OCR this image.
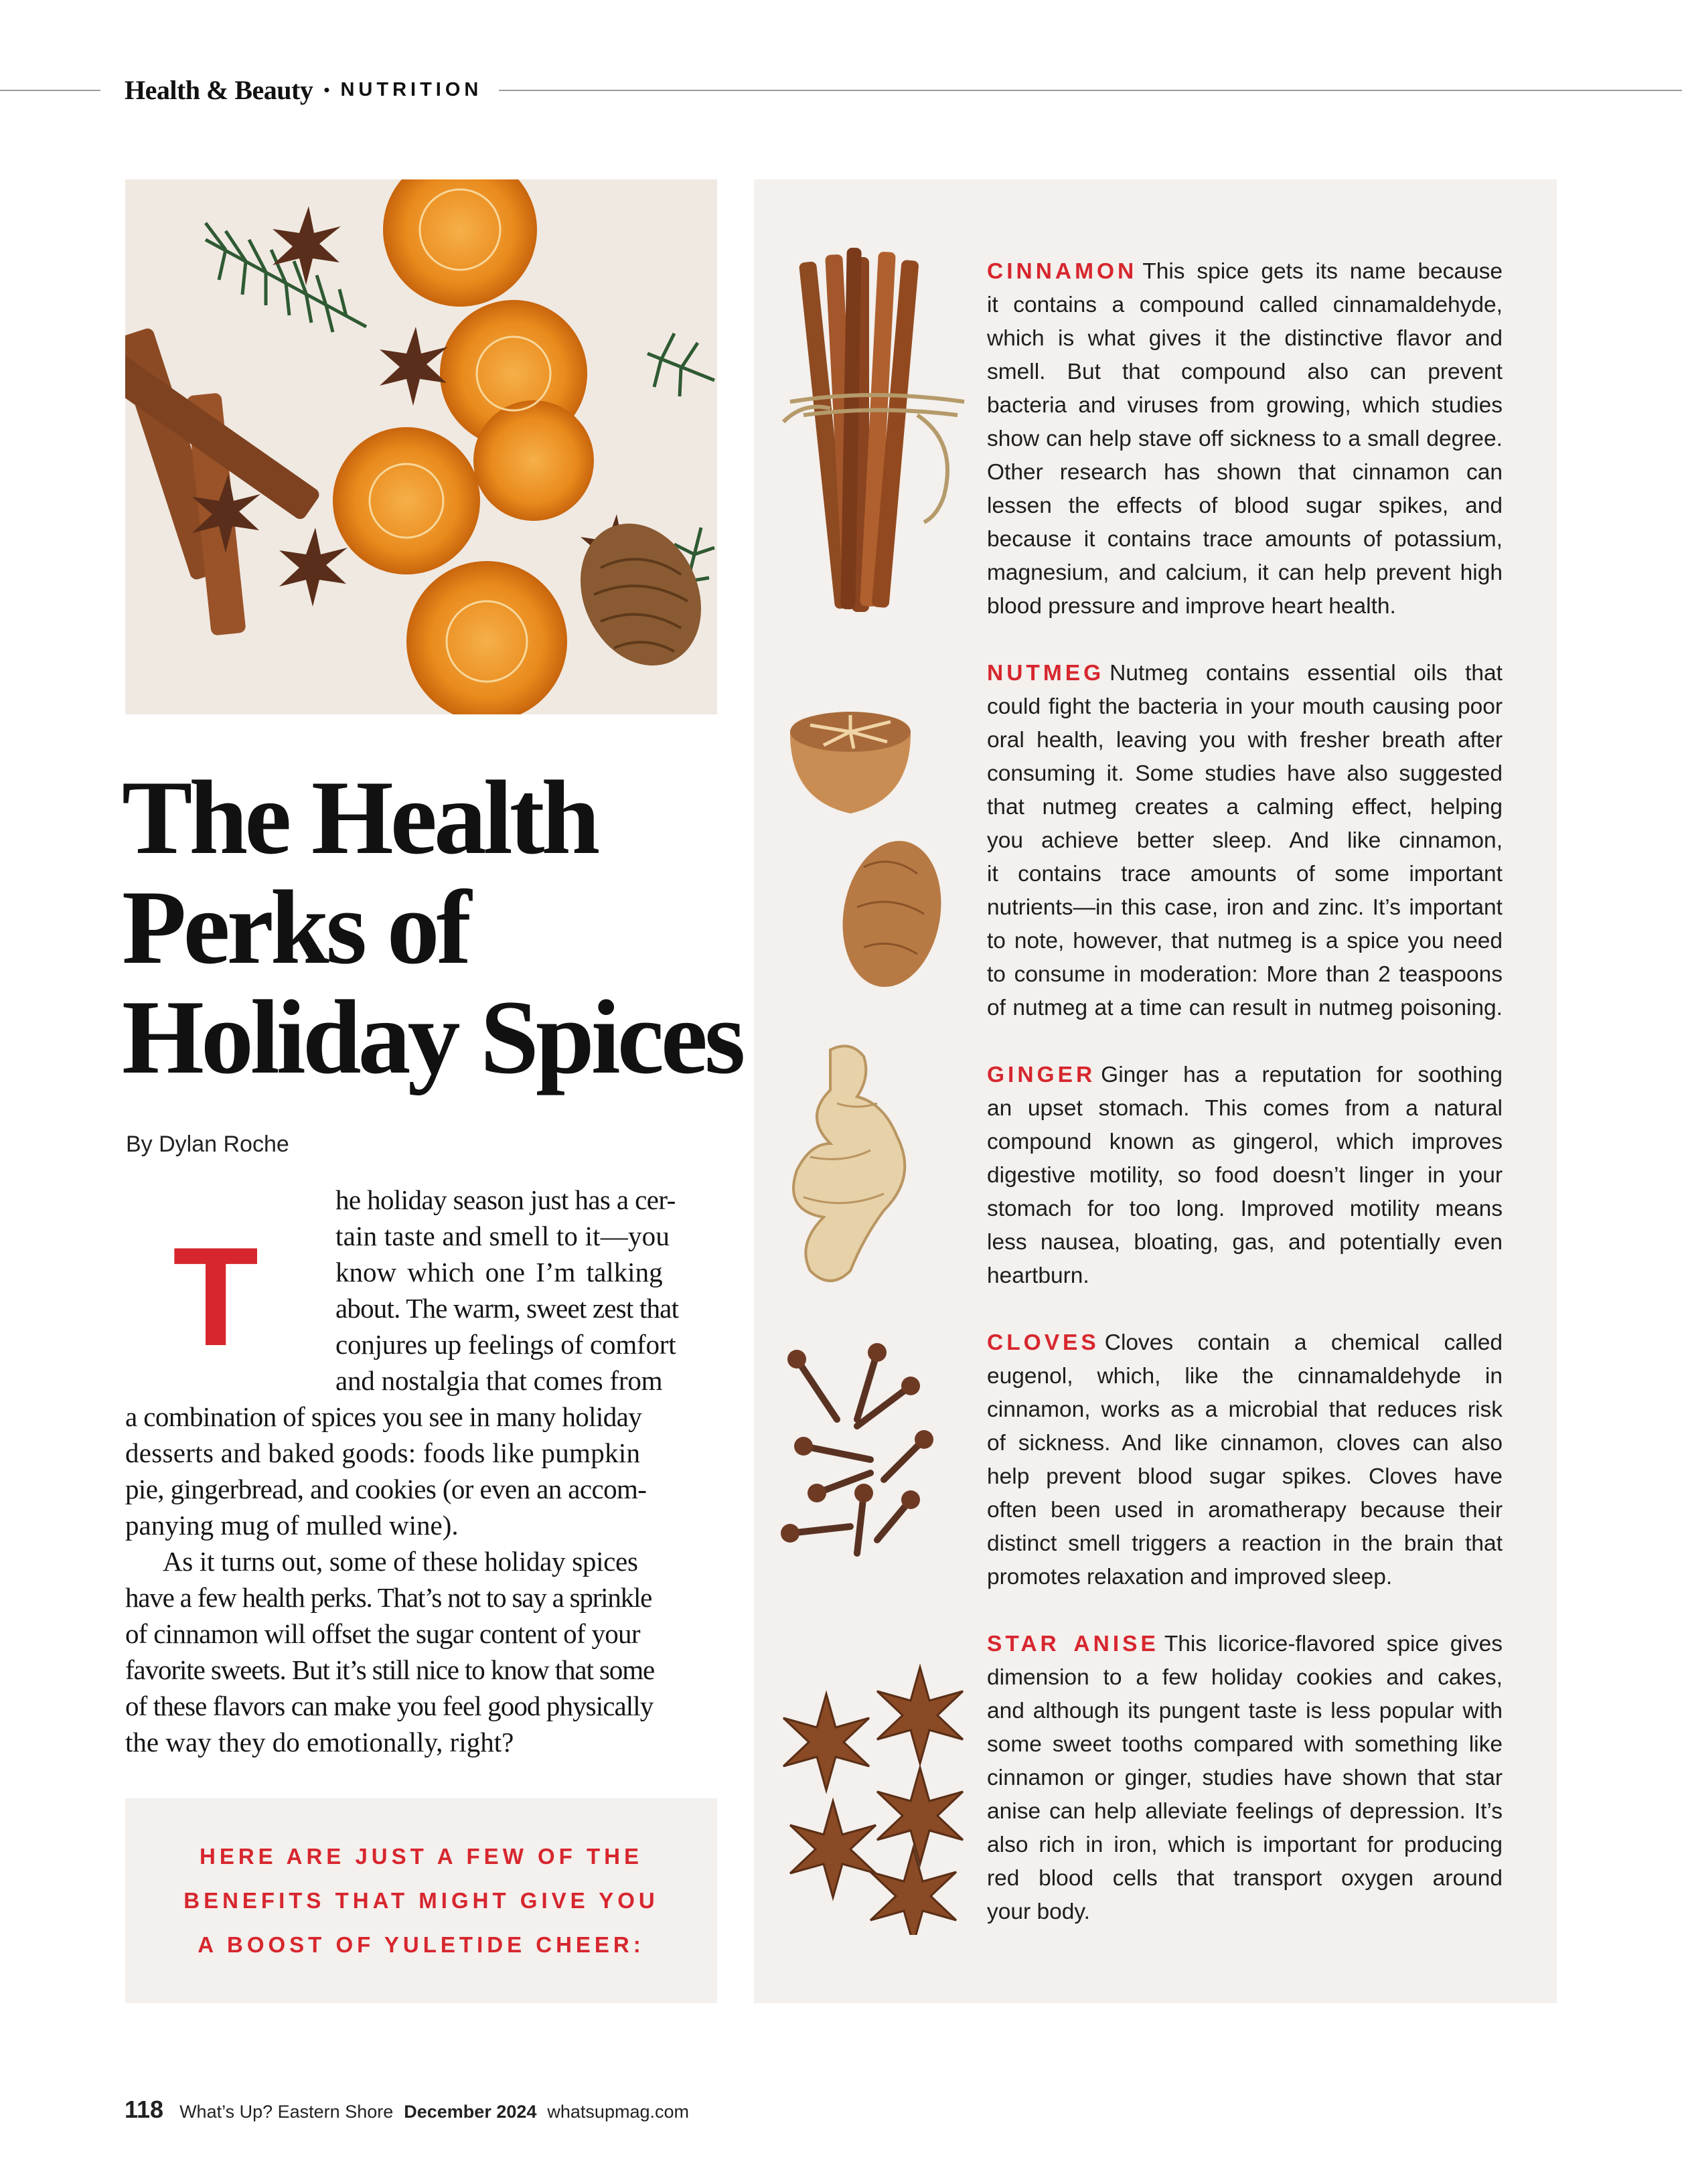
Health & Beauty • NUTRITION
The Health
Perks of
Holiday Spices
By Dylan Roche
T
he holiday season just has a cer-
tain taste and smell to it—you
know which one I’m talking
about. The warm, sweet zest that
conjures up feelings of comfort
and nostalgia that comes from
a combination of spices you see in many holiday
desserts and baked goods: foods like pumpkin
pie, gingerbread, and cookies (or even an accom-
panying mug of mulled wine).
As it turns out, some of these holiday spices
have a few health perks. That’s not to say a sprinkle
of cinnamon will offset the sugar content of your
favorite sweets. But it’s still nice to know that some
of these flavors can make you feel good physically
the way they do emotionally, right?
HERE ARE JUST A FEW OF THE
BENEFITS THAT MIGHT GIVE YOU
A BOOST OF YULETIDE CHEER:
CINNAMON This spice gets its name because
it contains a compound called cinnamaldehyde,
which is what gives it the distinctive flavor and
smell. But that compound also can prevent
bacteria and viruses from growing, which studies
show can help stave off sickness to a small degree.
Other research has shown that cinnamon can
lessen the effects of blood sugar spikes, and
because it contains trace amounts of potassium,
magnesium, and calcium, it can help prevent high
blood pressure and improve heart health.
NUTMEG Nutmeg contains essential oils that
could fight the bacteria in your mouth causing poor
oral health, leaving you with fresher breath after
consuming it. Some studies have also suggested
that nutmeg creates a calming effect, helping
you achieve better sleep. And like cinnamon,
it contains trace amounts of some important
nutrients—in this case, iron and zinc. It’s important
to note, however, that nutmeg is a spice you need
to consume in moderation: More than 2 teaspoons
of nutmeg at a time can result in nutmeg poisoning.
GINGER Ginger has a reputation for soothing
an upset stomach. This comes from a natural
compound known as gingerol, which improves
digestive motility, so food doesn’t linger in your
stomach for too long. Improved motility means
less nausea, bloating, gas, and potentially even
heartburn.
CLOVES Cloves contain a chemical called
eugenol, which, like the cinnamaldehyde in
cinnamon, works as a microbial that reduces risk
of sickness. And like cinnamon, cloves can also
help prevent blood sugar spikes. Cloves have
often been used in aromatherapy because their
distinct smell triggers a reaction in the brain that
promotes relaxation and improved sleep.
STAR ANISE This licorice-flavored spice gives
dimension to a few holiday cookies and cakes,
and although its pungent taste is less popular with
some sweet tooths compared with something like
cinnamon or ginger, studies have shown that star
anise can help alleviate feelings of depression. It’s
also rich in iron, which is important for producing
red blood cells that transport oxygen around
your body.
118 What’s Up? Eastern Shore December 2024 whatsupmag.com
